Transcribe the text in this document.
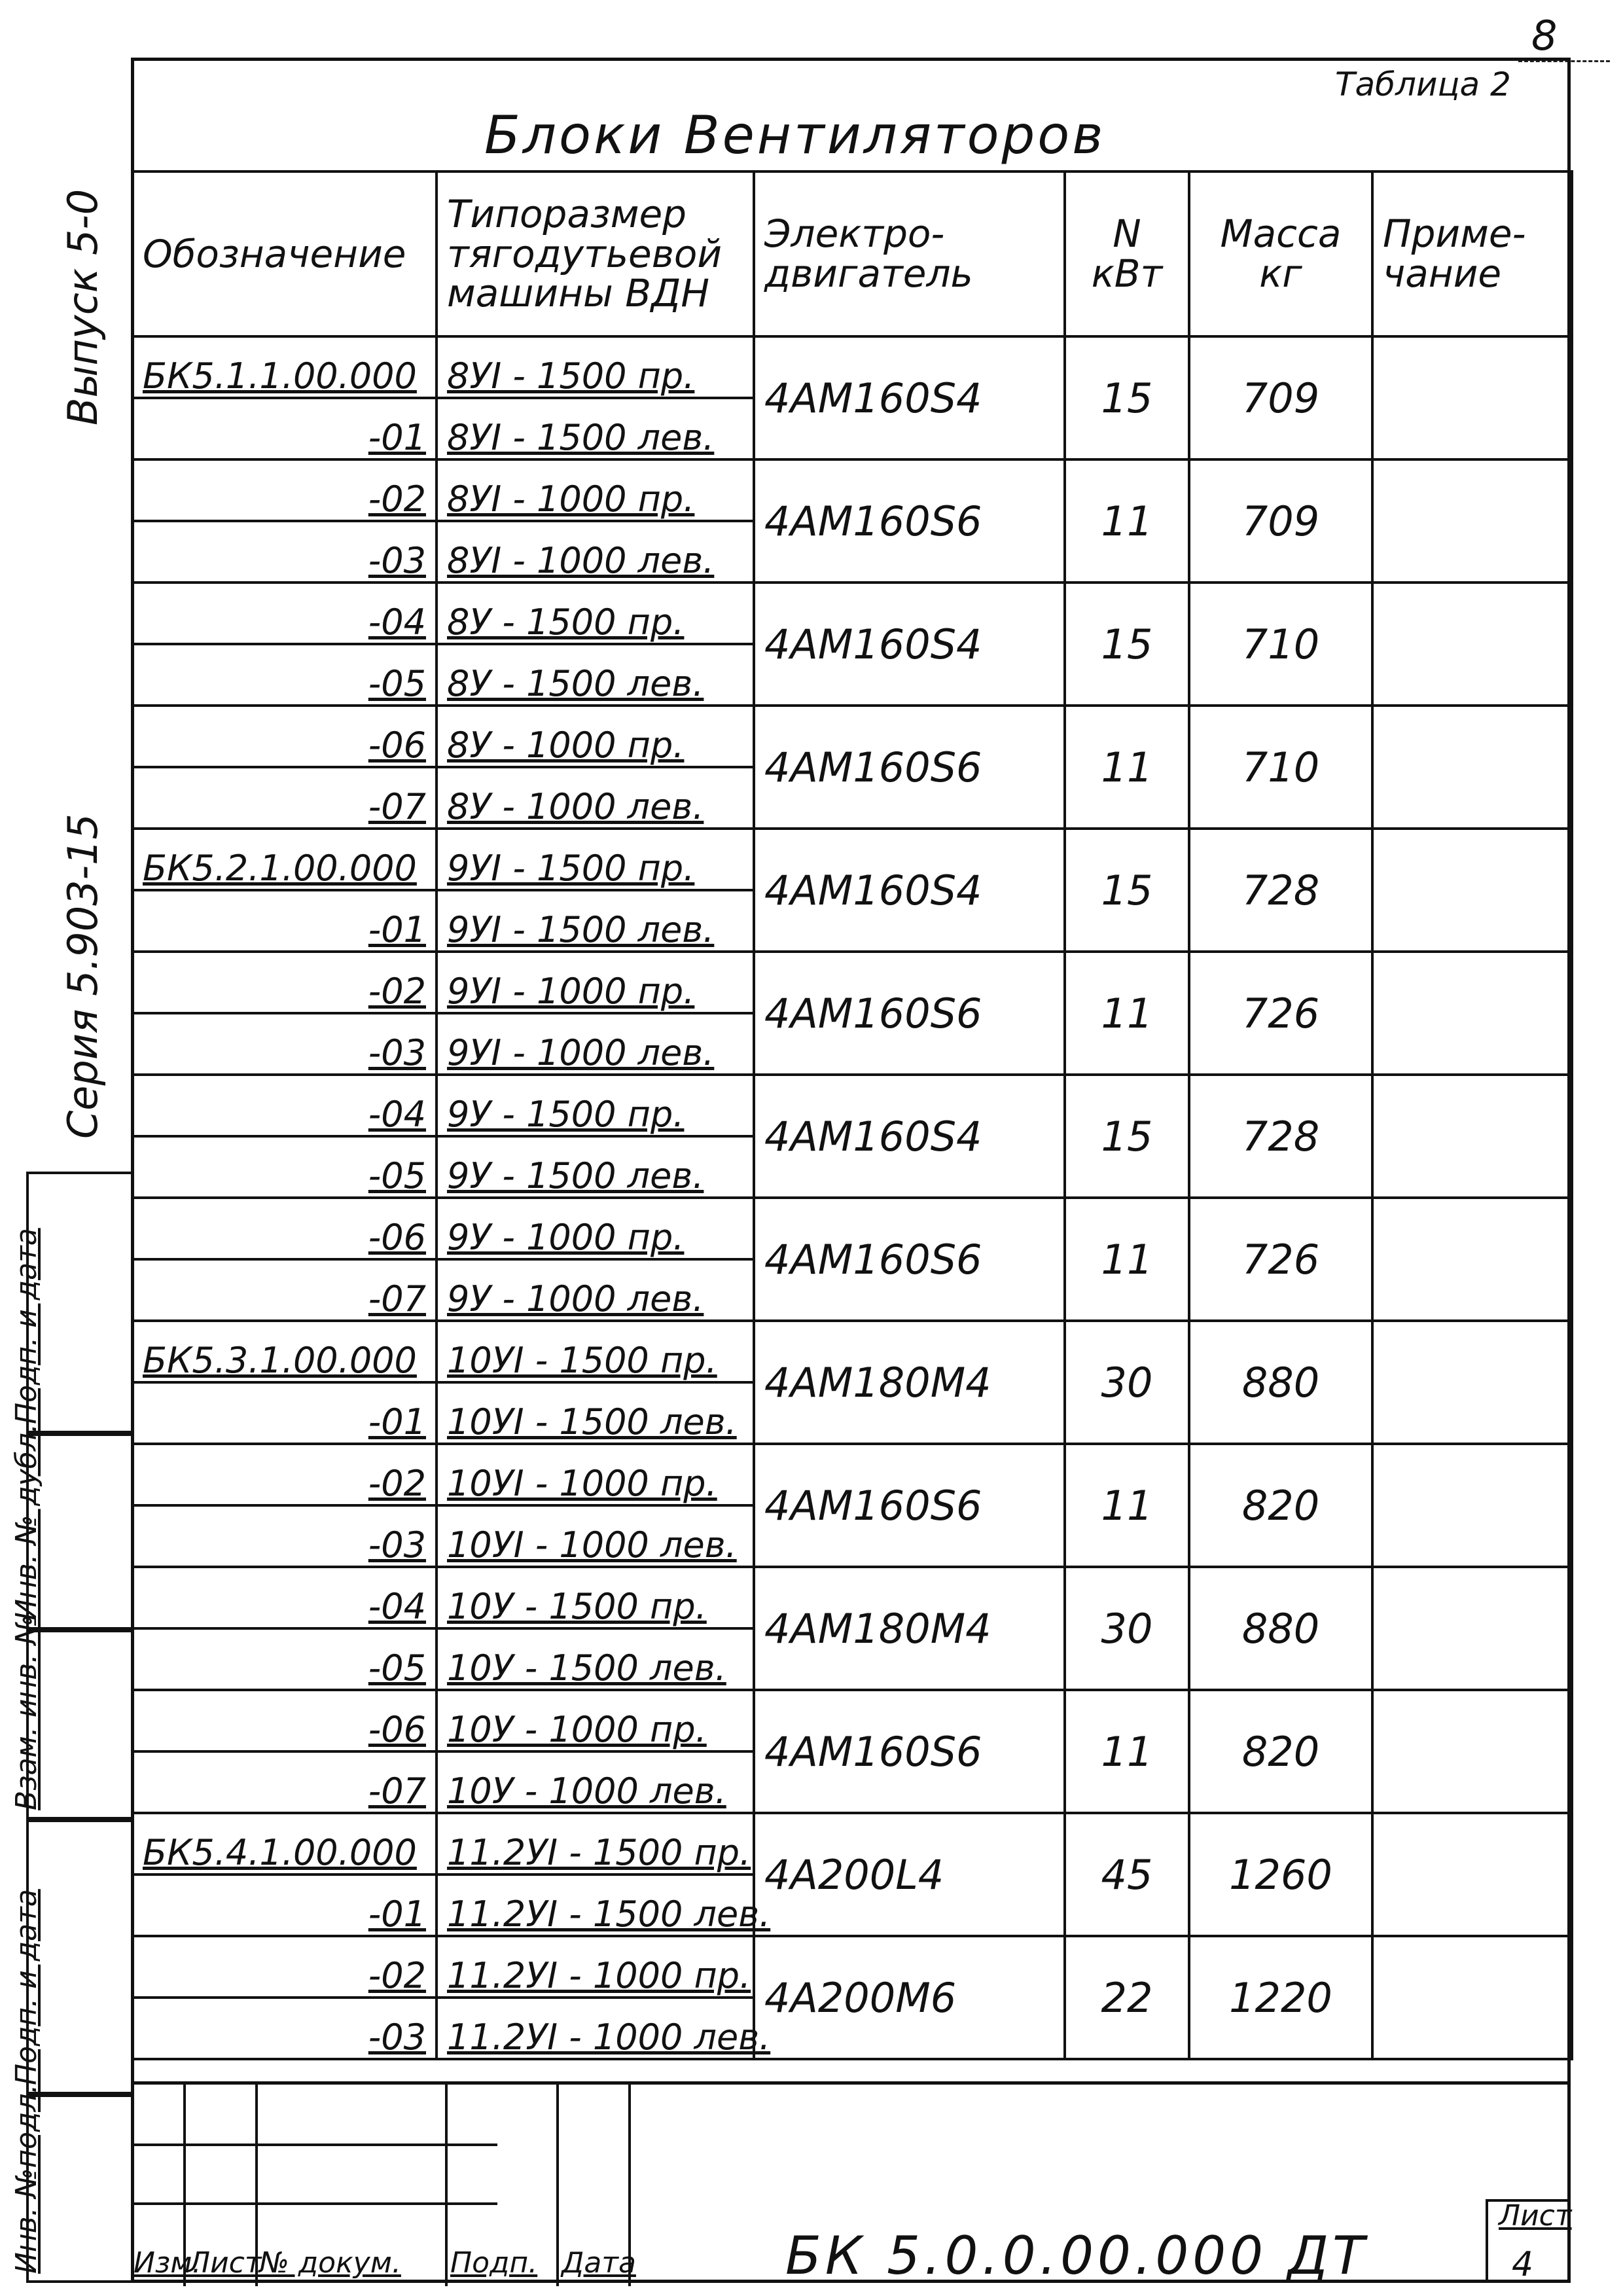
8
Таблица 2
Блоки Вентиляторов
Выпуск 5-0
Серия 5.903-15
Подп. и дата
Инв. № дубл.
Взам. инв. №
Подп. и дата
Инв. №подл.
Обозначение	Типоразмер тягодутьевой машины ВДН	Электро-двигатель	N кВт	Масса кг	Приме-чание
БК5.1.1.00.000	8УI - 1500 пр.	4АМ160S4	15	709	
-01	8УI - 1500 лев.				
-02	8УI - 1000 пр.	4АМ160S6	11	709	
-03	8УI - 1000 лев.				
-04	8У - 1500 пр.	4АМ160S4	15	710	
-05	8У - 1500 лев.				
-06	8У - 1000 пр.	4АМ160S6	11	710	
-07	8У - 1000 лев.				
БК5.2.1.00.000	9УI - 1500 пр.	4АМ160S4	15	728	
-01	9УI - 1500 лев.				
-02	9УI - 1000 пр.	4АМ160S6	11	726	
-03	9УI - 1000 лев.				
-04	9У - 1500 пр.	4АМ160S4	15	728	
-05	9У - 1500 лев.				
-06	9У - 1000 пр.	4АМ160S6	11	726	
-07	9У - 1000 лев.				
БК5.3.1.00.000	10УI - 1500 пр.	4АМ180М4	30	880	
-01	10УI - 1500 лев.				
-02	10УI - 1000 пр.	4АМ160S6	11	820	
-03	10УI - 1000 лев.				
-04	10У - 1500 пр.	4АМ180М4	30	880	
-05	10У - 1500 лев.				
-06	10У - 1000 пр.	4АМ160S6	11	820	
-07	10У - 1000 лев.				
БК5.4.1.00.000	11.2УI - 1500 пр.	4А200L4	45	1260	
-01	11.2УI - 1500 лев.				
-02	11.2УI - 1000 пр.	4А200М6	22	1220	
-03	11.2УI - 1000 лев.				
Изм.
Лист
№ докум. Подп. Дата	БК 5.0.0.00.000 ДТ
Лист
4
